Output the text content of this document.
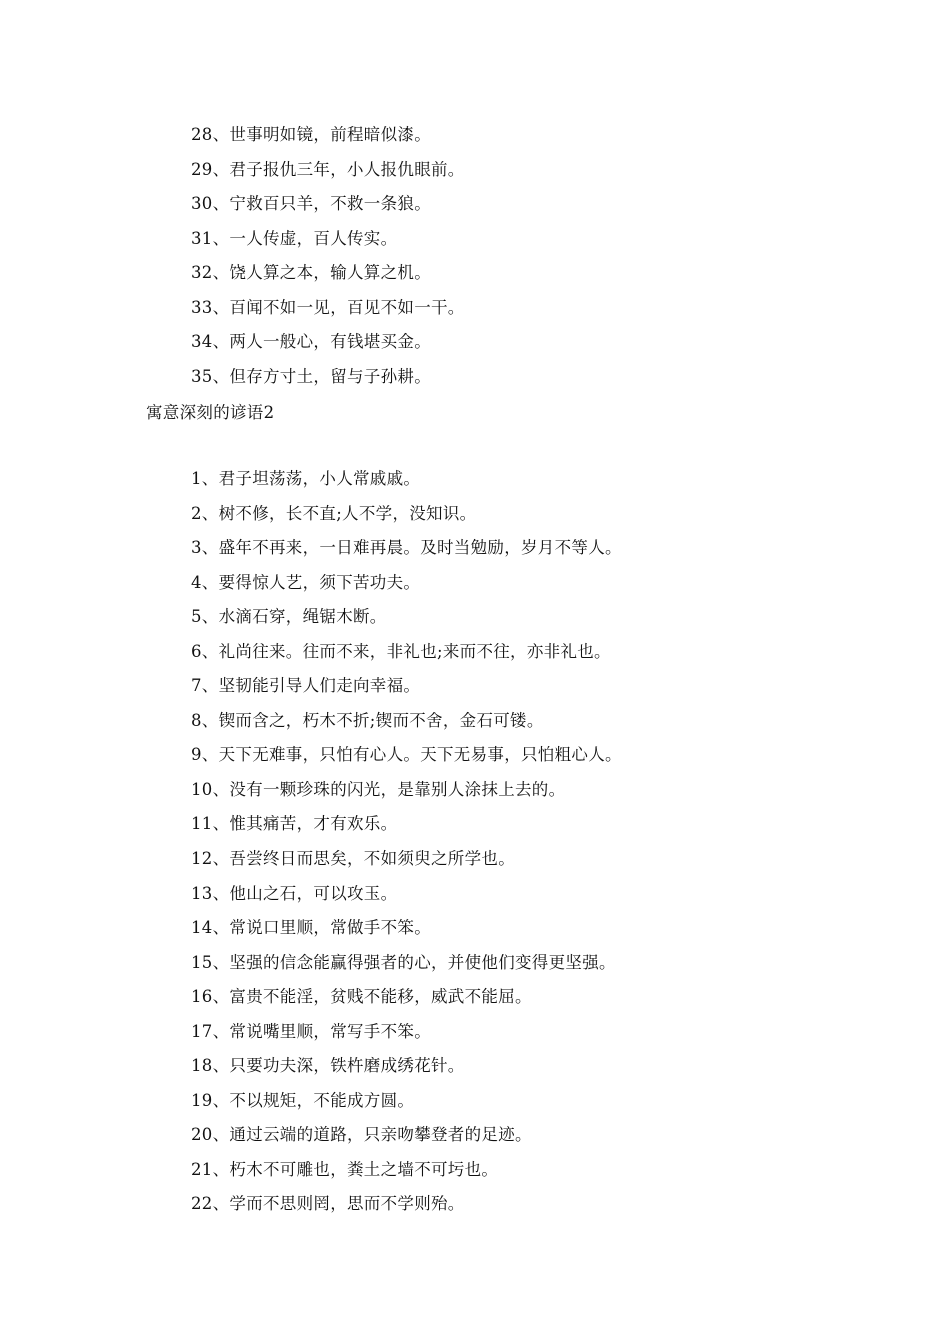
28、世事明如镜，前程暗似漆。
29、君子报仇三年，小人报仇眼前。
30、宁救百只羊，不救一条狼。
31、一人传虚，百人传实。
32、饶人算之本，输人算之机。
33、百闻不如一见，百见不如一干。
34、两人一般心，有钱堪买金。
35、但存方寸土，留与子孙耕。
寓意深刻的谚语2
1、君子坦荡荡，小人常戚戚。
2、树不修，长不直;人不学，没知识。
3、盛年不再来，一日难再晨。及时当勉励，岁月不等人。
4、要得惊人艺，须下苦功夫。
5、水滴石穿，绳锯木断。
6、礼尚往来。往而不来，非礼也;来而不往，亦非礼也。
7、坚韧能引导人们走向幸福。
8、锲而含之，朽木不折;锲而不舍，金石可镂。
9、天下无难事，只怕有心人。天下无易事，只怕粗心人。
10、没有一颗珍珠的闪光，是靠别人涂抹上去的。
11、惟其痛苦，才有欢乐。
12、吾尝终日而思矣，不如须臾之所学也。
13、他山之石，可以攻玉。
14、常说口里顺，常做手不笨。
15、坚强的信念能赢得强者的心，并使他们变得更坚强。
16、富贵不能淫，贫贱不能移，威武不能屈。
17、常说嘴里顺，常写手不笨。
18、只要功夫深，铁杵磨成绣花针。
19、不以规矩，不能成方圆。
20、通过云端的道路，只亲吻攀登者的足迹。
21、朽木不可雕也，粪土之墙不可圬也。
22、学而不思则罔，思而不学则殆。
